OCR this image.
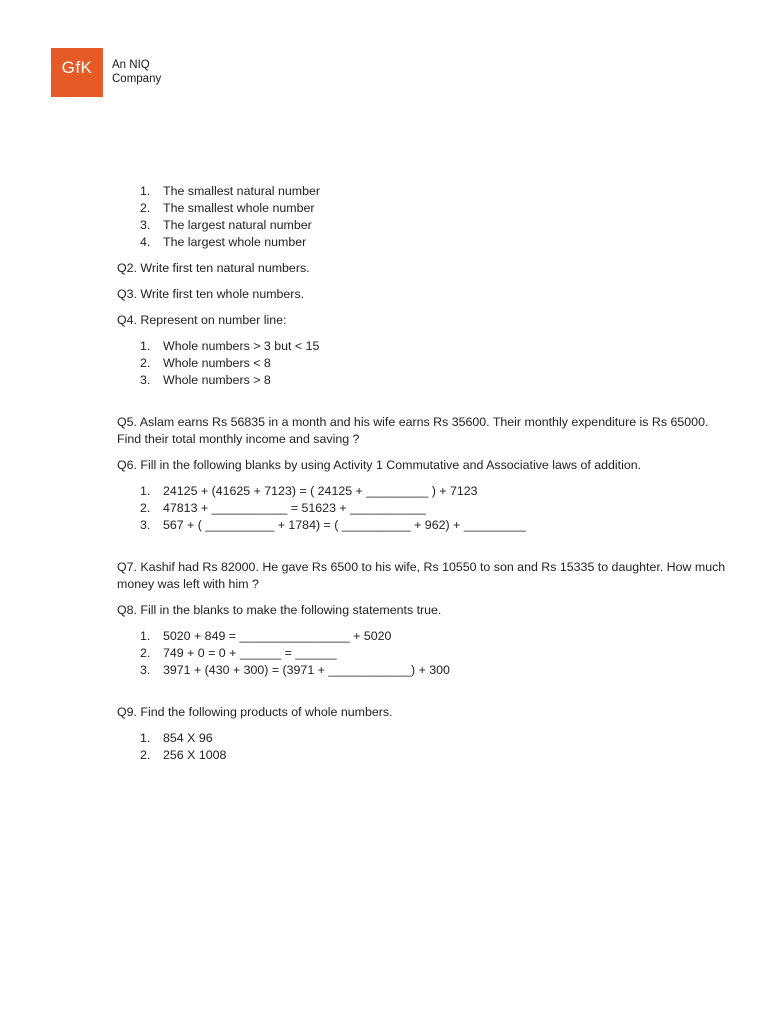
GfK An NIQ
Company
1. The smallest natural number
2. The smallest whole number
3. The largest natural number
4. The largest whole number

Q2. Write first ten natural numbers.

Q3. Write first ten whole numbers.

Q4. Represent on number line:

1. Whole numbers > 3 but < 15
2. Whole numbers < 8
3. Whole numbers > 8

Q5. Aslam earns Rs 56835 in a month and his wife earns Rs 35600. Their monthly expenditure is Rs 65000. Find their total monthly income and saving ?

Q6. Fill in the following blanks by using Activity 1 Commutative and Associative laws of addition.

1. 24125 + (41625 + 7123) = ( 24125 + _________ ) + 7123
2. 47813 + ___________ = 51623 + ___________
3. 567 + ( __________ + 1784) = ( __________ + 962) + _________

Q7. Kashif had Rs 82000. He gave Rs 6500 to his wife, Rs 10550 to son and Rs 15335 to daughter. How much money was left with him ?

Q8. Fill in the blanks to make the following statements true.

1. 5020 + 849 = ________________ + 5020
2. 749 + 0 = 0 + ______ = ______
3. 3971 + (430 + 300) = (3971 + ____________) + 300

Q9. Find the following products of whole numbers.

1. 854 X 96
2. 256 X 1008
